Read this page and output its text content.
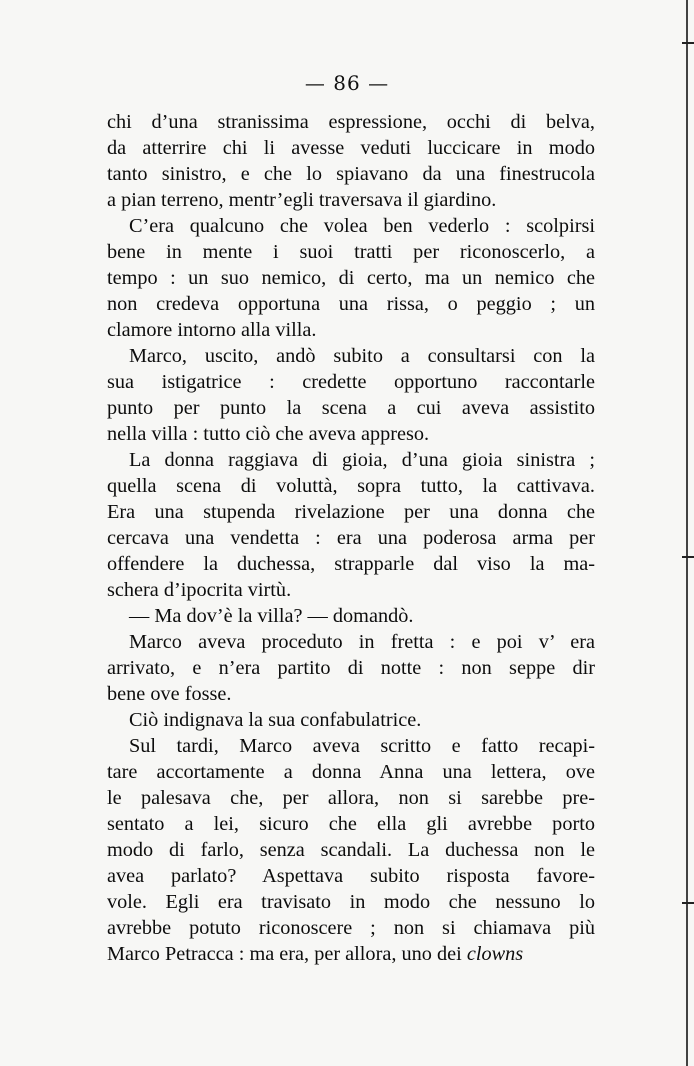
— 86 —
chi d’una stranissima espressione, occhi di belva,
da atterrire chi li avesse veduti luccicare in modo
tanto sinistro, e che lo spiavano da una finestrucola
a pian terreno, mentr’egli traversava il giardino.
C’era qualcuno che volea ben vederlo : scolpirsi
bene in mente i suoi tratti per riconoscerlo, a
tempo : un suo nemico, di certo, ma un nemico che
non credeva opportuna una rissa, o peggio ; un
clamore intorno alla villa.
Marco, uscito, andò subito a consultarsi con la
sua istigatrice : credette opportuno raccontarle
punto per punto la scena a cui aveva assistito
nella villa : tutto ciò che aveva appreso.
La donna raggiava di gioia, d’una gioia sinistra ;
quella scena di voluttà, sopra tutto, la cattivava.
Era una stupenda rivelazione per una donna che
cercava una vendetta : era una poderosa arma per
offendere la duchessa, strapparle dal viso la ma-
schera d’ipocrita virtù.
— Ma dov’è la villa? — domandò.
Marco aveva proceduto in fretta : e poi v’ era
arrivato, e n’era partito di notte : non seppe dir
bene ove fosse.
Ciò indignava la sua confabulatrice.
Sul tardi, Marco aveva scritto e fatto recapi-
tare accortamente a donna Anna una lettera, ove
le palesava che, per allora, non si sarebbe pre-
sentato a lei, sicuro che ella gli avrebbe porto
modo di farlo, senza scandali. La duchessa non le
avea parlato? Aspettava subito risposta favore-
vole. Egli era travisato in modo che nessuno lo
avrebbe potuto riconoscere ; non si chiamava più
Marco Petracca : ma era, per allora, uno dei clowns
